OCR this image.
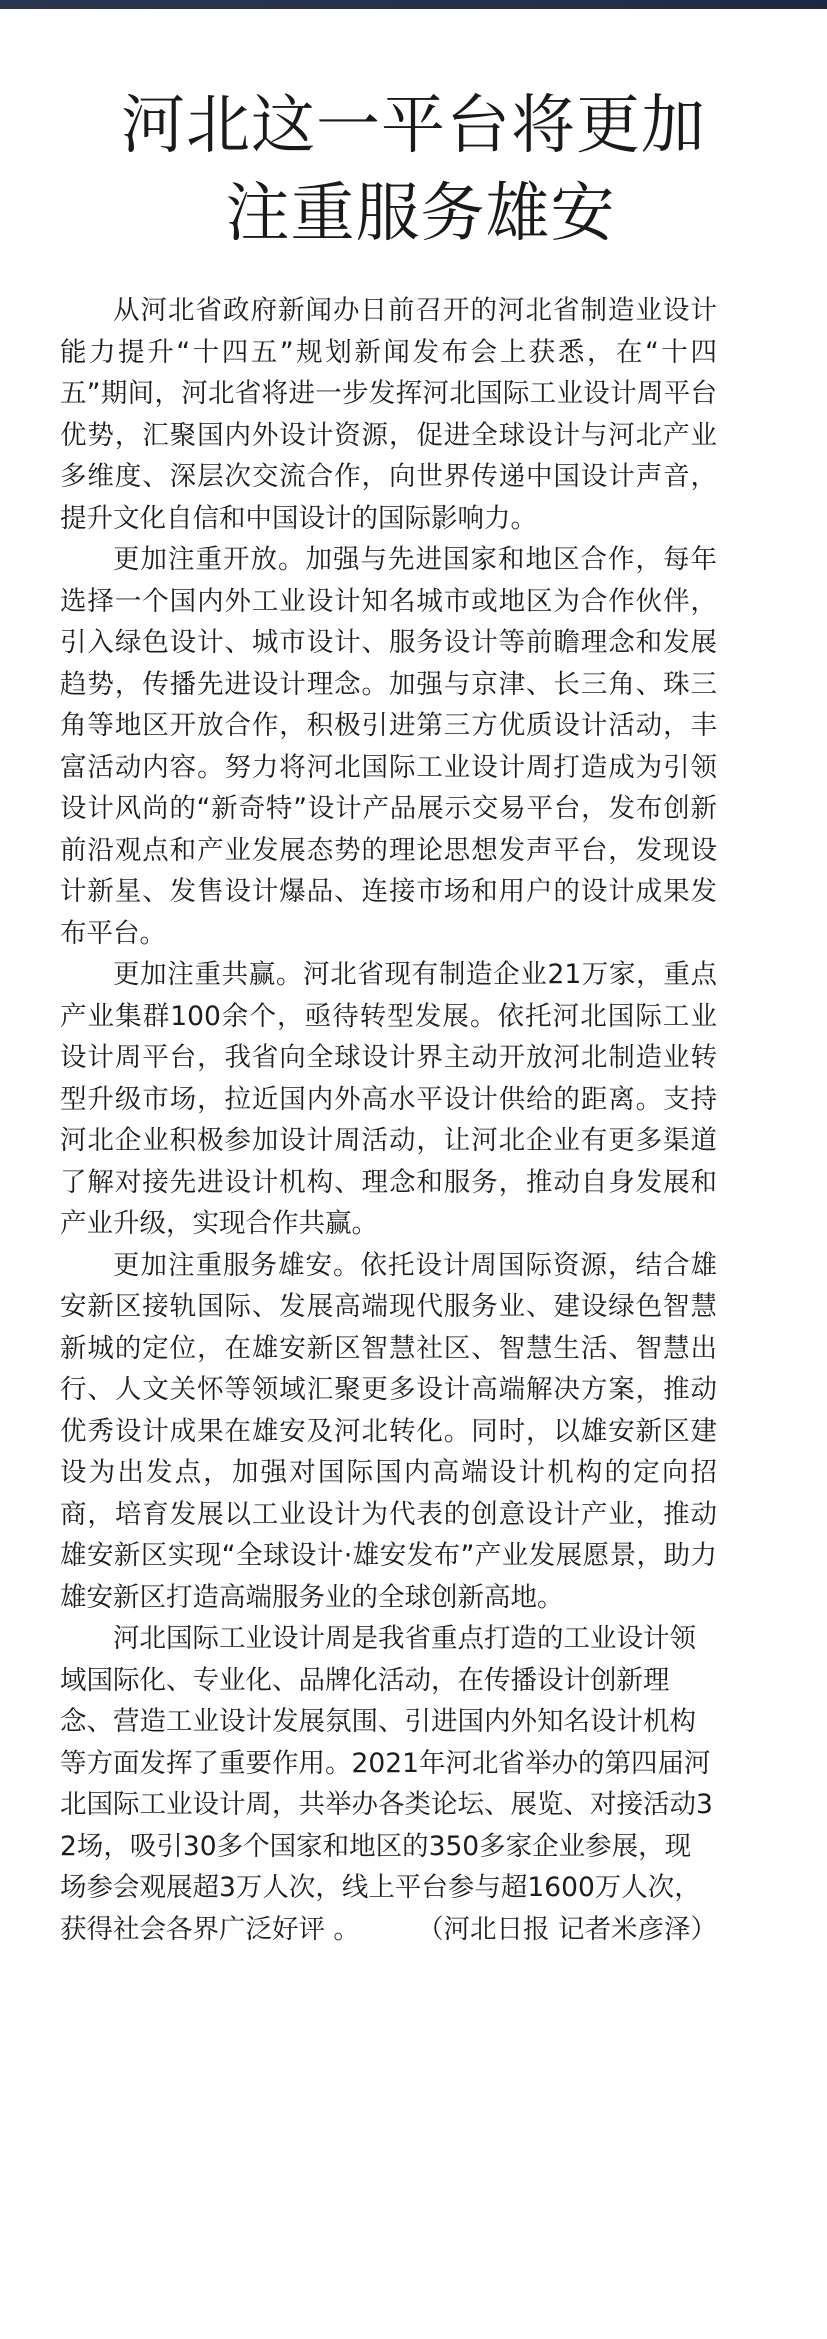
河北这一平台将更加
注重服务雄安

从河北省政府新闻办日前召开的河北省制造业设计能力提升“十四五”规划新闻发布会上获悉，在“十四五”期间，河北省将进一步发挥河北国际工业设计周平台优势，汇聚国内外设计资源，促进全球设计与河北产业多维度、深层次交流合作，向世界传递中国设计声音，提升文化自信和中国设计的国际影响力。

更加注重开放。加强与先进国家和地区合作，每年选择一个国内外工业设计知名城市或地区为合作伙伴，引入绿色设计、城市设计、服务设计等前瞻理念和发展趋势，传播先进设计理念。加强与京津、长三角、珠三角等地区开放合作，积极引进第三方优质设计活动，丰富活动内容。努力将河北国际工业设计周打造成为引领设计风尚的“新奇特”设计产品展示交易平台，发布创新前沿观点和产业发展态势的理论思想发声平台，发现设计新星、发售设计爆品、连接市场和用户的设计成果发布平台。

更加注重共赢。河北省现有制造企业21万家，重点产业集群100余个，亟待转型发展。依托河北国际工业设计周平台，我省向全球设计界主动开放河北制造业转型升级市场，拉近国内外高水平设计供给的距离。支持河北企业积极参加设计周活动，让河北企业有更多渠道了解对接先进设计机构、理念和服务，推动自身发展和产业升级，实现合作共赢。

更加注重服务雄安。依托设计周国际资源，结合雄安新区接轨国际、发展高端现代服务业、建设绿色智慧新城的定位，在雄安新区智慧社区、智慧生活、智慧出行、人文关怀等领域汇聚更多设计高端解决方案，推动优秀设计成果在雄安及河北转化。同时，以雄安新区建设为出发点，加强对国际国内高端设计机构的定向招商，培育发展以工业设计为代表的创意设计产业，推动雄安新区实现“全球设计·雄安发布”产业发展愿景，助力雄安新区打造高端服务业的全球创新高地。

河北国际工业设计周是我省重点打造的工业设计领域国际化、专业化、品牌化活动，在传播设计创新理念、营造工业设计发展氛围、引进国内外知名设计机构等方面发挥了重要作用。2021年河北省举办的第四届河北国际工业设计周，共举办各类论坛、展览、对接活动32场，吸引30多个国家和地区的350多家企业参展，现场参会观展超3万人次，线上平台参与超1600万人次，获得社会各界广泛好评 。 （河北日报 记者米彦泽）
